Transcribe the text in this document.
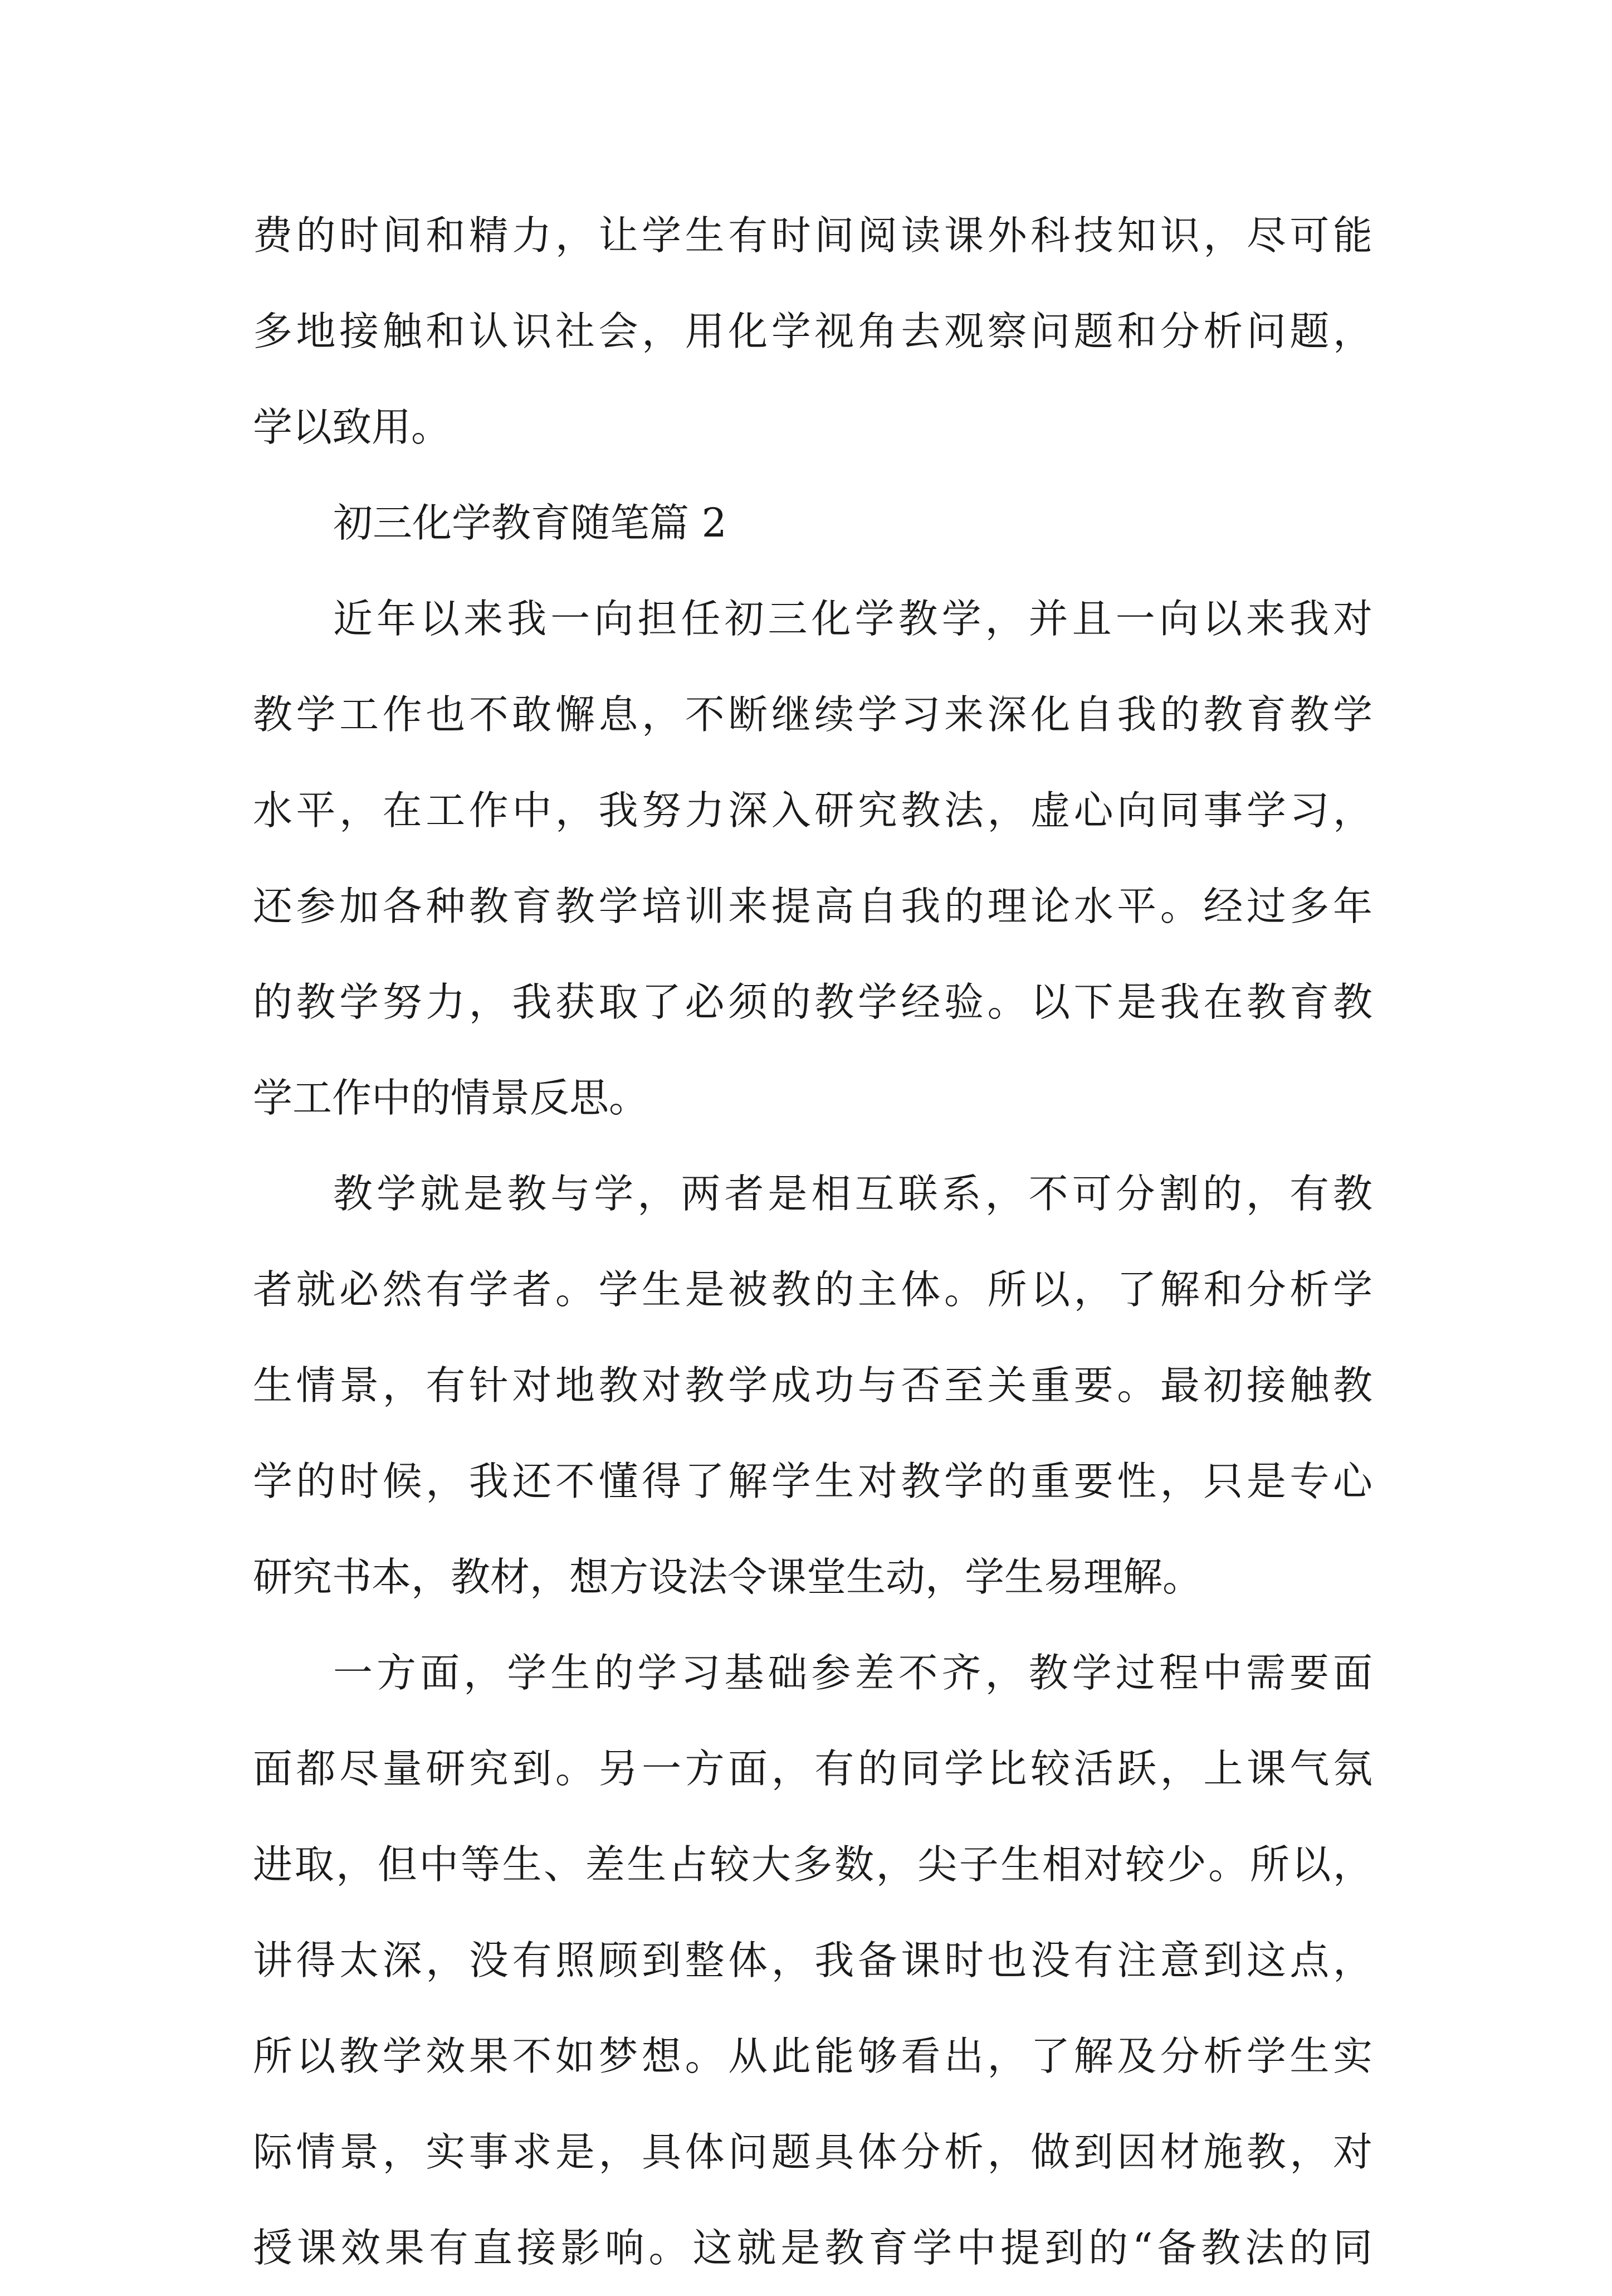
费的时间和精力，让学生有时间阅读课外科技知识，尽可能
多地接触和认识社会，用化学视角去观察问题和分析问题，
学以致用。
初三化学教育随笔篇 2
近年以来我一向担任初三化学教学，并且一向以来我对
教学工作也不敢懈息，不断继续学习来深化自我的教育教学
水平，在工作中，我努力深入研究教法，虚心向同事学习，
还参加各种教育教学培训来提高自我的理论水平。经过多年
的教学努力，我获取了必须的教学经验。以下是我在教育教
学工作中的情景反思。
教学就是教与学，两者是相互联系，不可分割的，有教
者就必然有学者。学生是被教的主体。所以，了解和分析学
生情景，有针对地教对教学成功与否至关重要。最初接触教
学的时候，我还不懂得了解学生对教学的重要性，只是专心
研究书本，教材，想方设法令课堂生动，学生易理解。
一方面，学生的学习基础参差不齐，教学过程中需要面
面都尽量研究到。另一方面，有的同学比较活跃，上课气氛
进取，但中等生、差生占较大多数，尖子生相对较少。所以，
讲得太深，没有照顾到整体，我备课时也没有注意到这点，
所以教学效果不如梦想。从此能够看出，了解及分析学生实
际情景，实事求是，具体问题具体分析，做到因材施教，对
授课效果有直接影响。这就是教育学中提到的“备教法的同
